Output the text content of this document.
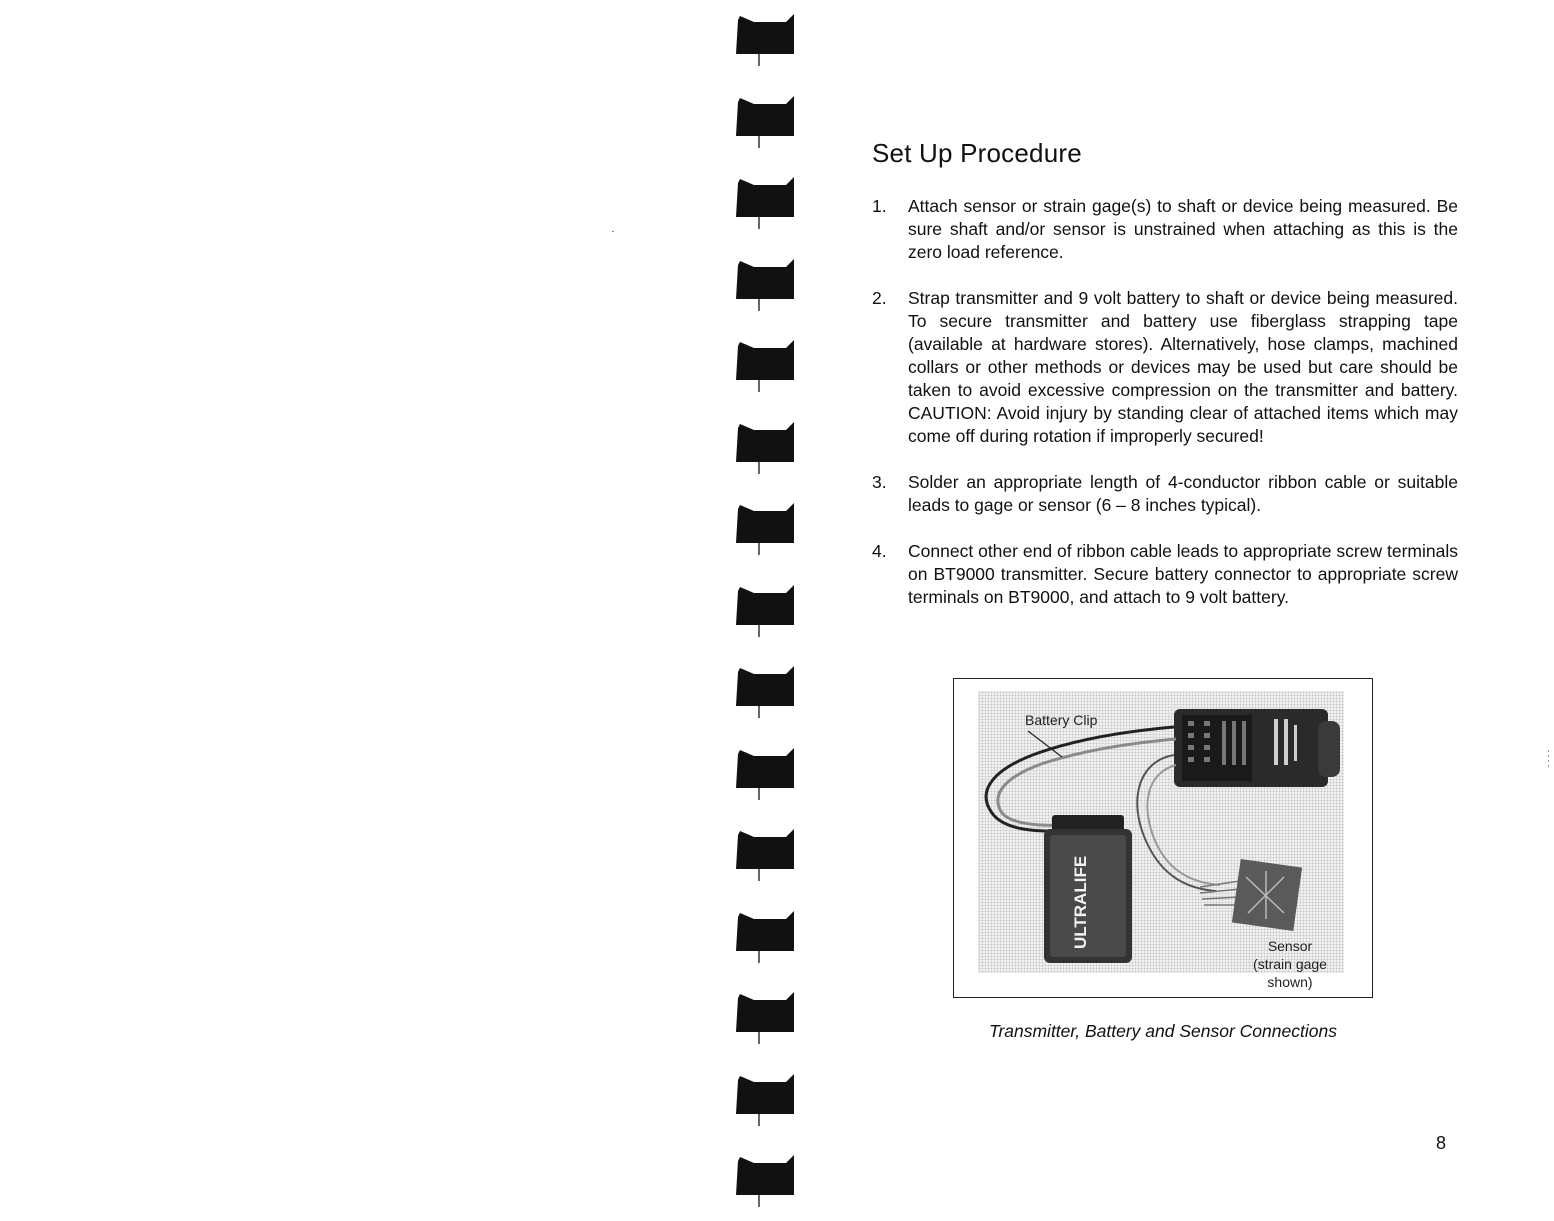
Set Up Procedure
1. Attach sensor or strain gage(s) to shaft or device being measured. Be sure shaft and/or sensor is unstrained when attaching as this is the zero load reference.
2. Strap transmitter and 9 volt battery to shaft or device being measured. To secure transmitter and battery use fiberglass strapping tape (available at hardware stores). Alternatively, hose clamps, machined collars or other methods or devices may be used but care should be taken to avoid excessive compression on the transmitter and battery. CAUTION: Avoid injury by standing clear of attached items which may come off during rotation if improperly secured!
3. Solder an appropriate length of 4-conductor ribbon cable or suitable leads to gage or sensor (6 – 8 inches typical).
4. Connect other end of ribbon cable leads to appropriate screw terminals on BT9000 transmitter. Secure battery connector to appropriate screw terminals on BT9000, and attach to 9 volt battery.
ULTRALIFE
Battery Clip
Sensor
(strain gage shown)
Transmitter, Battery and Sensor Connections
8
